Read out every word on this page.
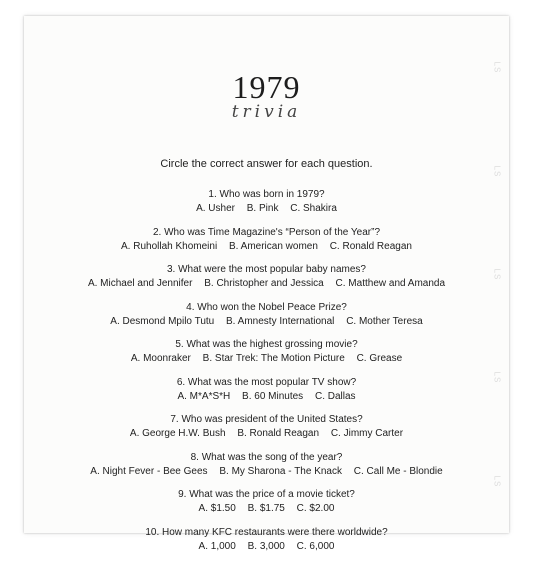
LS
LS
LS
LS
LS
1979
trivia
Circle the correct answer for each question.
1. Who was born in 1979?
A. Usher B. Pink C. Shakira
2. Who was Time Magazine's “Person of the Year”?
A. Ruhollah Khomeini B. American women C. Ronald Reagan
3. What were the most popular baby names?
A. Michael and Jennifer B. Christopher and Jessica C. Matthew and Amanda
4. Who won the Nobel Peace Prize?
A. Desmond Mpilo Tutu B. Amnesty International C. Mother Teresa
5. What was the highest grossing movie?
A. Moonraker B. Star Trek: The Motion Picture C. Grease
6. What was the most popular TV show?
A. M*A*S*H B. 60 Minutes C. Dallas
7. Who was president of the United States?
A. George H.W. Bush B. Ronald Reagan C. Jimmy Carter
8. What was the song of the year?
A. Night Fever - Bee Gees B. My Sharona - The Knack C. Call Me - Blondie
9. What was the price of a movie ticket?
A. $1.50 B. $1.75 C. $2.00
10. How many KFC restaurants were there worldwide?
A. 1,000 B. 3,000 C. 6,000
